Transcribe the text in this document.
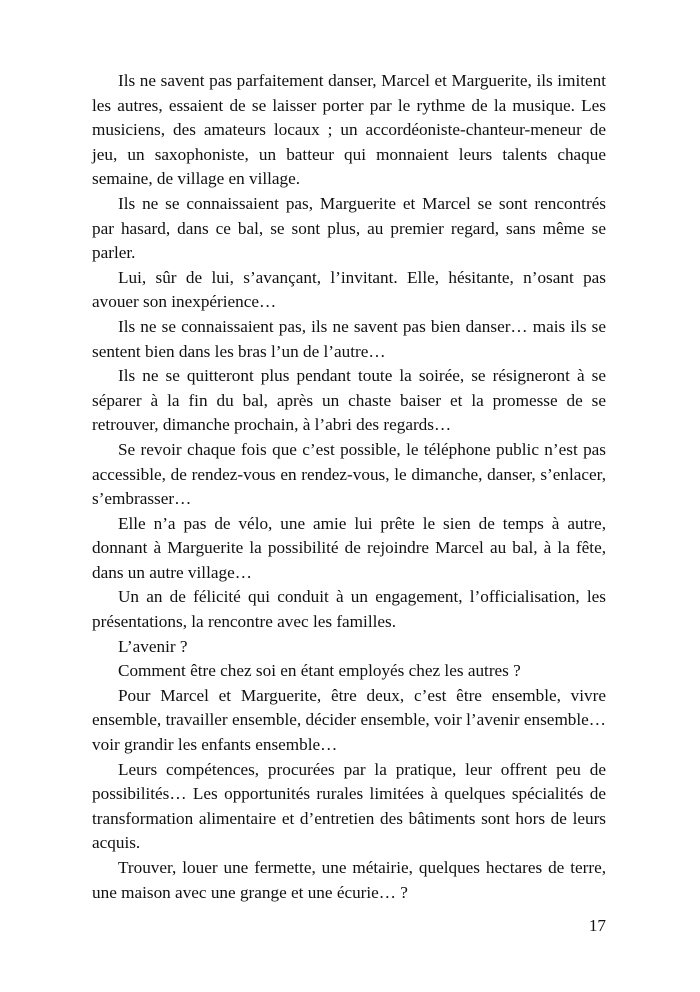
Ils ne savent pas parfaitement danser, Marcel et Marguerite, ils imitent les autres, essaient de se laisser porter par le rythme de la musique. Les musiciens, des amateurs locaux ; un accordéoniste-chanteur-meneur de jeu, un saxophoniste, un batteur qui monnaient leurs talents chaque semaine, de village en village.

Ils ne se connaissaient pas, Marguerite et Marcel se sont rencontrés par hasard, dans ce bal, se sont plus, au premier regard, sans même se parler.

Lui, sûr de lui, s’avançant, l’invitant. Elle, hésitante, n’osant pas avouer son inexpérience…

Ils ne se connaissaient pas, ils ne savent pas bien danser… mais ils se sentent bien dans les bras l’un de l’autre…

Ils ne se quitteront plus pendant toute la soirée, se résigneront à se séparer à la fin du bal, après un chaste baiser et la promesse de se retrouver, dimanche prochain, à l’abri des regards…

Se revoir chaque fois que c’est possible, le téléphone public n’est pas accessible, de rendez-vous en rendez-vous, le dimanche, danser, s’enlacer, s’embrasser…

Elle n’a pas de vélo, une amie lui prête le sien de temps à autre, donnant à Marguerite la possibilité de rejoindre Marcel au bal, à la fête, dans un autre village…

Un an de félicité qui conduit à un engagement, l’officialisation, les présentations, la rencontre avec les familles.

L’avenir ?

Comment être chez soi en étant employés chez les autres ?

Pour Marcel et Marguerite, être deux, c’est être ensemble, vivre ensemble, travailler ensemble, décider ensemble, voir l’avenir ensemble… voir grandir les enfants ensemble…

Leurs compétences, procurées par la pratique, leur offrent peu de possibilités… Les opportunités rurales limitées à quelques spécialités de transformation alimentaire et d’entretien des bâtiments sont hors de leurs acquis.

Trouver, louer une fermette, une métairie, quelques hectares de terre, une maison avec une grange et une écurie… ?

17
